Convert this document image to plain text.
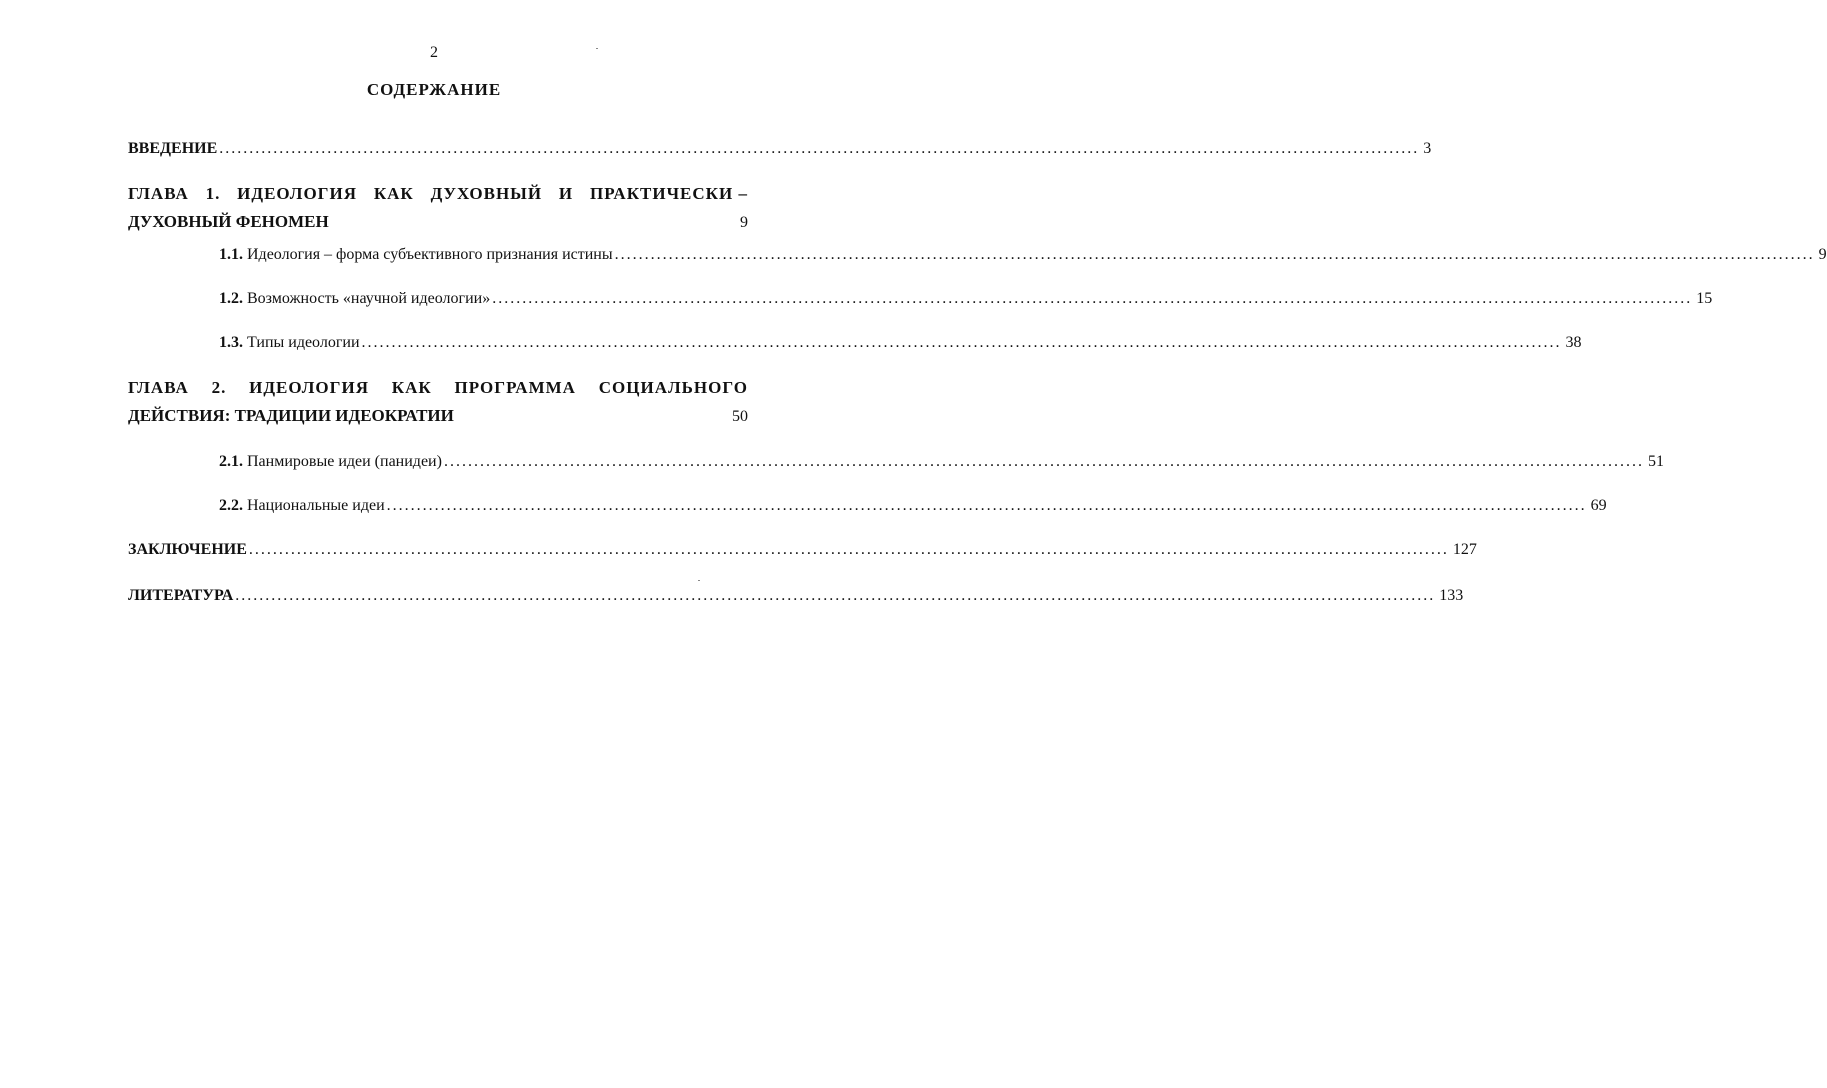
2
СОДЕРЖАНИЕ
ВВЕДЕНИЕ ........................................................................................................................................................................................................ 3
ГЛАВА 1. ИДЕОЛОГИЯ КАК ДУХОВНЫЙ И ПРАКТИЧЕСКИ –
ДУХОВНЫЙ ФЕНОМЕН	9
1.1. Идеология – форма субъективного признания истины ........................................................................................................................................................................................................ 9
1.2. Возможность «научной идеологии» ........................................................................................................................................................................................................ 15
1.3. Типы идеологии ........................................................................................................................................................................................................ 38
ГЛАВА 2. ИДЕОЛОГИЯ КАК ПРОГРАММА СОЦИАЛЬНОГО
ДЕЙСТВИЯ: ТРАДИЦИИ ИДЕОКРАТИИ	50
2.1. Панмировые идеи (панидеи) ........................................................................................................................................................................................................ 51
2.2. Национальные идеи ........................................................................................................................................................................................................ 69
ЗАКЛЮЧЕНИЕ ........................................................................................................................................................................................................ 127
ЛИТЕРАТУРА ........................................................................................................................................................................................................ 133
